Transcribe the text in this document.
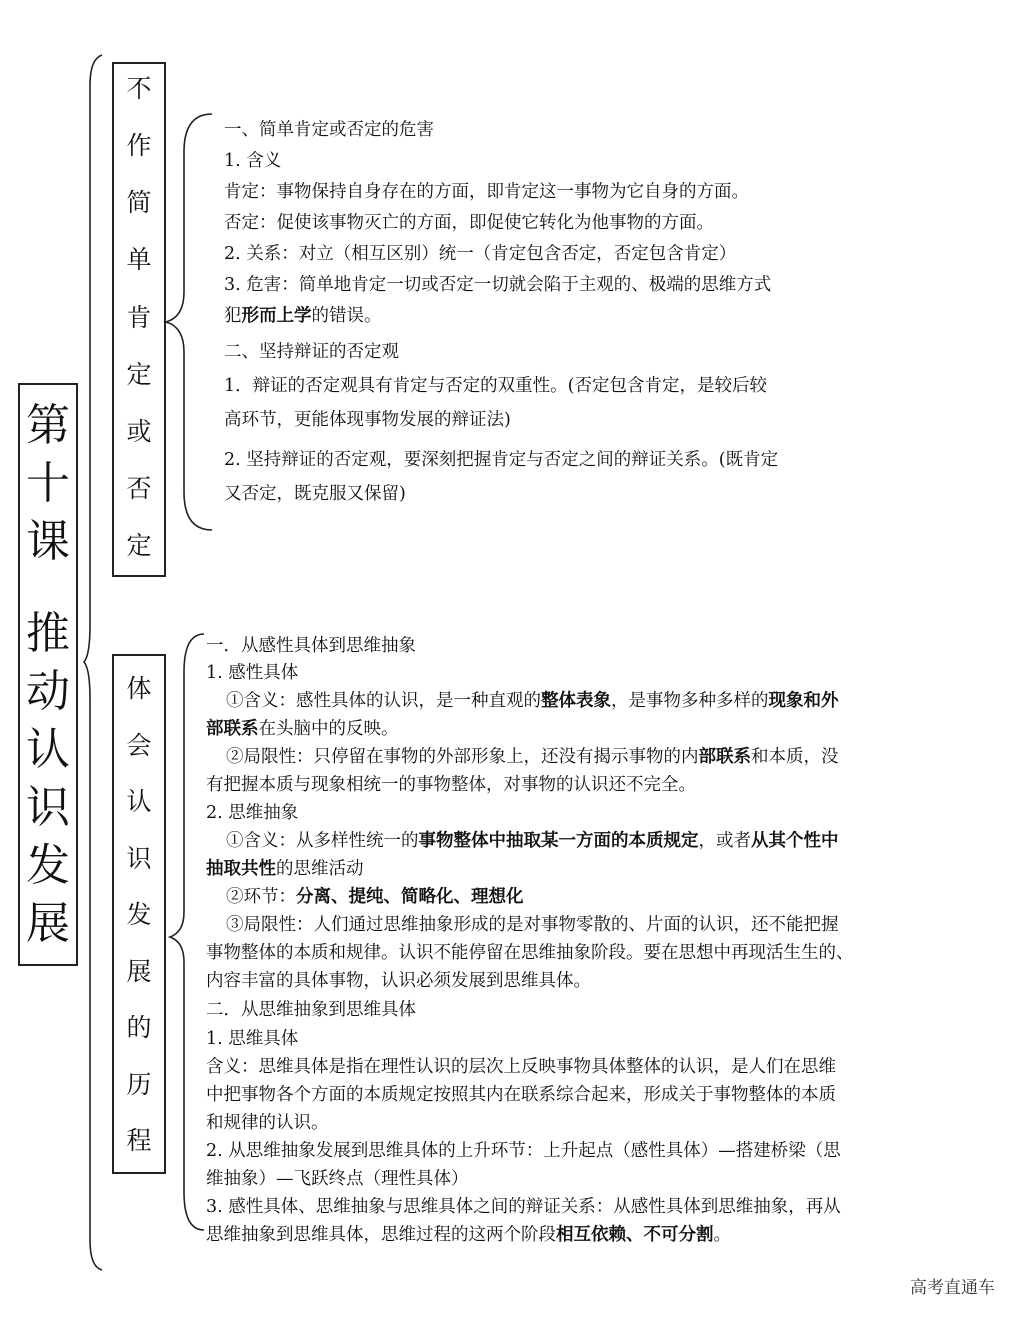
第
十
课
推
动
认
识
发
展
不
作
简
单
肯
定
或
否
定
一、简单肯定或否定的危害
1. 含义
肯定：事物保持自身存在的方面，即肯定这一事物为它自身的方面。
否定：促使该事物灭亡的方面，即促使它转化为他事物的方面。
2. 关系：对立（相互区别）统一（肯定包含否定，否定包含肯定）
3. 危害：简单地肯定一切或否定一切就会陷于主观的、极端的思维方式
犯形而上学的错误。
二、坚持辩证的否定观
1．辩证的否定观具有肯定与否定的双重性。(否定包含肯定，是较后较
高环节，更能体现事物发展的辩证法)
2. 坚持辩证的否定观，要深刻把握肯定与否定之间的辩证关系。(既肯定
又否定，既克服又保留)
体
会
认
识
发
展
的
历
程
一．从感性具体到思维抽象
1. 感性具体
①含义：感性具体的认识，是一种直观的整体表象，是事物多种多样的现象和外
部联系在头脑中的反映。
②局限性：只停留在事物的外部形象上，还没有揭示事物的内部联系和本质，没
有把握本质与现象相统一的事物整体，对事物的认识还不完全。
2. 思维抽象
①含义：从多样性统一的事物整体中抽取某一方面的本质规定，或者从其个性中
抽取共性的思维活动
②环节：分离、提纯、简略化、理想化
③局限性：人们通过思维抽象形成的是对事物零散的、片面的认识，还不能把握
事物整体的本质和规律。认识不能停留在思维抽象阶段。要在思想中再现活生生的、
内容丰富的具体事物，认识必须发展到思维具体。
二．从思维抽象到思维具体
1. 思维具体
含义：思维具体是指在理性认识的层次上反映事物具体整体的认识，是人们在思维
中把事物各个方面的本质规定按照其内在联系综合起来，形成关于事物整体的本质
和规律的认识。
2. 从思维抽象发展到思维具体的上升环节：上升起点（感性具体）—搭建桥梁（思
维抽象）—飞跃终点（理性具体）
3. 感性具体、思维抽象与思维具体之间的辩证关系：从感性具体到思维抽象，再从
思维抽象到思维具体，思维过程的这两个阶段相互依赖、不可分割。
高考直通车
